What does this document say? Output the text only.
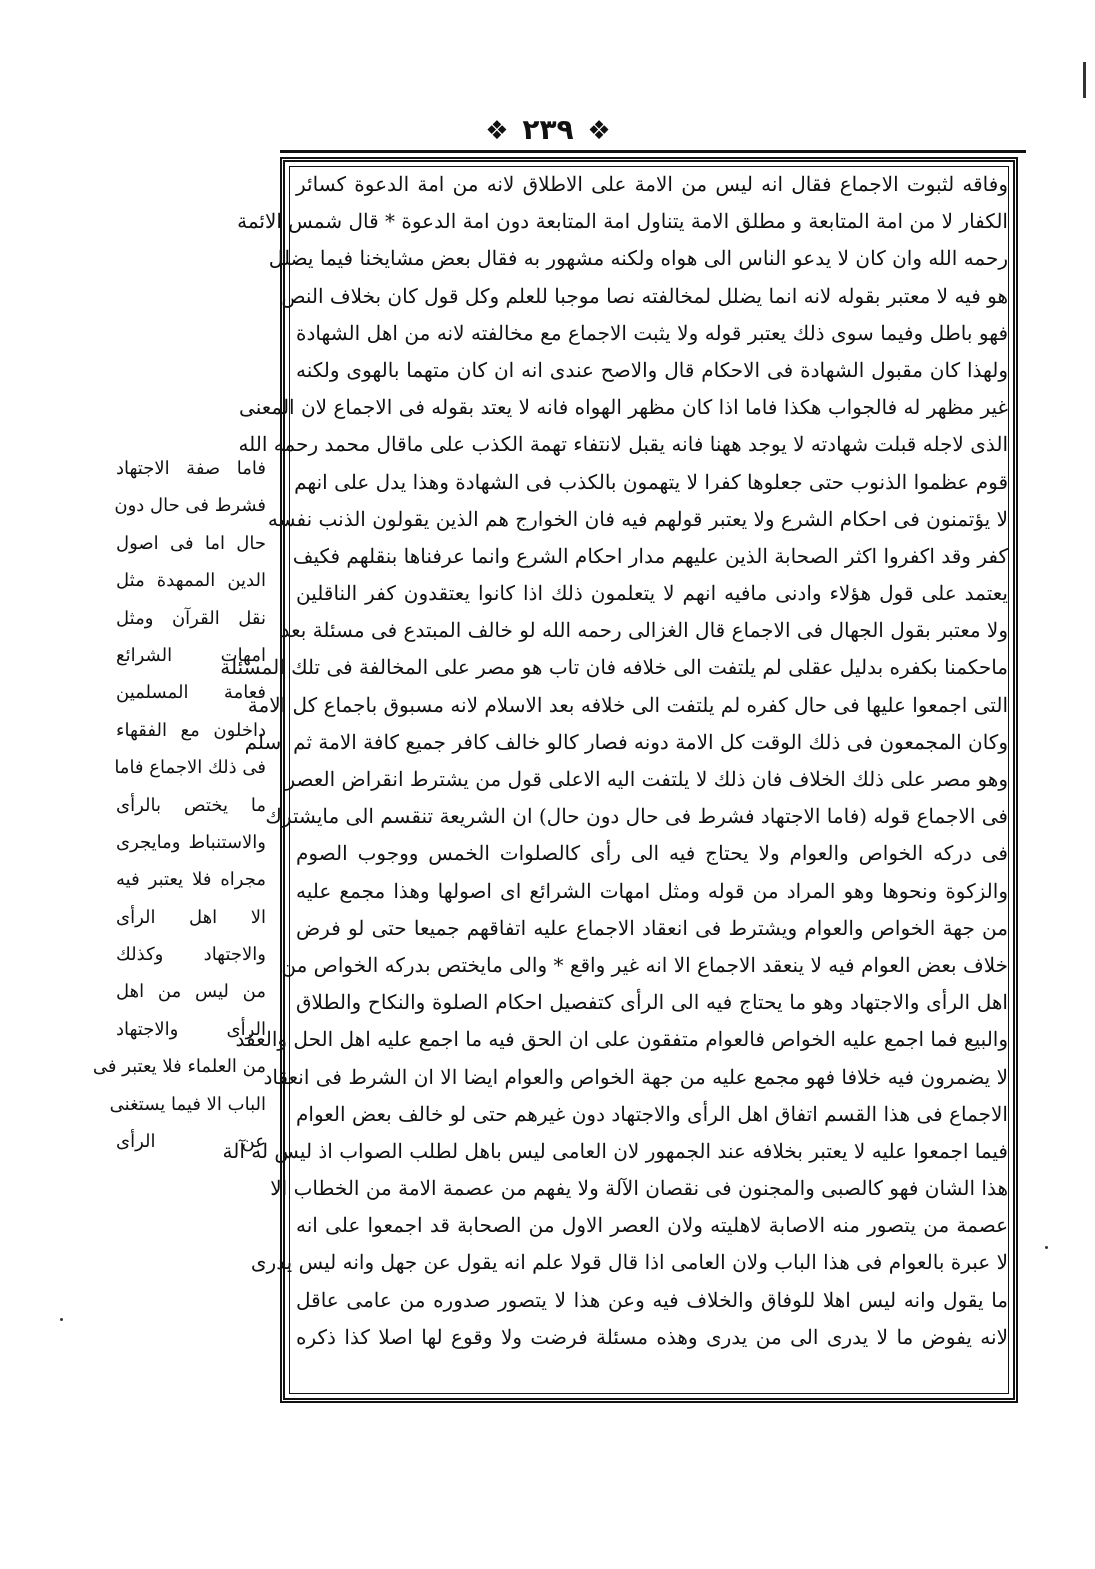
❖ ٢٣٩ ❖
وفاقه لثبوت الاجماع فقال انه ليس من الامة على الاطلاق لانه من امة الدعوة كسائر
الكفار لا من امة المتابعة و مطلق الامة يتناول امة المتابعة دون امة الدعوة * قال شمس الائمة
رحمه الله وان كان لا يدعو الناس الى هواه ولكنه مشهور به فقال بعض مشايخنا فيما يضلل
هو فيه لا معتبر بقوله لانه انما يضلل لمخالفته نصا موجبا للعلم وكل قول كان بخلاف النص
فهو باطل وفيما سوى ذلك يعتبر قوله ولا يثبت الاجماع مع مخالفته لانه من اهل الشهادة
ولهذا كان مقبول الشهادة فى الاحكام قال والاصح عندى انه ان كان متهما بالهوى ولكنه
غير مظهر له فالجواب هكذا فاما اذا كان مظهر الهواه فانه لا يعتد بقوله فى الاجماع لان المعنى
الذى لاجله قبلت شهادته لا يوجد ههنا فانه يقبل لانتفاء تهمة الكذب على ماقال محمد رحمه الله
قوم عظموا الذنوب حتى جعلوها كفرا لا يتهمون بالكذب فى الشهادة وهذا يدل على انهم
لا يؤتمنون فى احكام الشرع ولا يعتبر قولهم فيه فان الخوارج هم الذين يقولون الذنب نفسه
كفر وقد اكفروا اكثر الصحابة الذين عليهم مدار احكام الشرع وانما عرفناها بنقلهم فكيف
يعتمد على قول هؤلاء وادنى مافيه انهم لا يتعلمون ذلك اذا كانوا يعتقدون كفر الناقلين
ولا معتبر بقول الجهال فى الاجماع قال الغزالى رحمه الله لو خالف المبتدع فى مسئلة بعد
ماحكمنا بكفره بدليل عقلى لم يلتفت الى خلافه فان تاب هو مصر على المخالفة فى تلك المسئلة
التى اجمعوا عليها فى حال كفره لم يلتفت الى خلافه بعد الاسلام لانه مسبوق باجماع كل الامة
وكان المجمعون فى ذلك الوقت كل الامة دونه فصار كالو خالف كافر جميع كافة الامة ثم اسلم
وهو مصر على ذلك الخلاف فان ذلك لا يلتفت اليه الاعلى قول من يشترط انقراض العصر
فى الاجماع قوله (فاما الاجتهاد فشرط فى حال دون حال) ان الشريعة تنقسم الى مايشترك
فى دركه الخواص والعوام ولا يحتاج فيه الى رأى كالصلوات الخمس ووجوب الصوم
والزكوة ونحوها وهو المراد من قوله ومثل امهات الشرائع اى اصولها وهذا مجمع عليه
من جهة الخواص والعوام ويشترط فى انعقاد الاجماع عليه اتفاقهم جميعا حتى لو فرض
خلاف بعض العوام فيه لا ينعقد الاجماع الا انه غير واقع * والى مايختص بدركه الخواص من
اهل الرأى والاجتهاد وهو ما يحتاج فيه الى الرأى كتفصيل احكام الصلوة والنكاح والطلاق
والبيع فما اجمع عليه الخواص فالعوام متفقون على ان الحق فيه ما اجمع عليه اهل الحل والعقد
لا يضمرون فيه خلافا فهو مجمع عليه من جهة الخواص والعوام ايضا الا ان الشرط فى انعقاد
الاجماع فى هذا القسم اتفاق اهل الرأى والاجتهاد دون غيرهم حتى لو خالف بعض العوام
فيما اجمعوا عليه لا يعتبر بخلافه عند الجمهور لان العامى ليس باهل لطلب الصواب اذ ليس له آلة
هذا الشان فهو كالصبى والمجنون فى نقصان الآلة ولا يفهم من عصمة الامة من الخطاب الا
عصمة من يتصور منه الاصابة لاهليته ولان العصر الاول من الصحابة قد اجمعوا على انه
لا عبرة بالعوام فى هذا الباب ولان العامى اذا قال قولا علم انه يقول عن جهل وانه ليس يدرى
ما يقول وانه ليس اهلا للوفاق والخلاف فيه وعن هذا لا يتصور صدوره من عامى عاقل
لانه يفوض ما لا يدرى الى من يدرى وهذه مسئلة فرضت ولا وقوع لها اصلا كذا ذكره
فاما صفة الاجتهاد
فشرط فى حال دون
حال اما فى اصول
الدين الممهدة مثل
نقل القرآن ومثل
امهات الشرائع
فعامة المسلمين
داخلون مع الفقهاء
فى ذلك الاجماع فاما
ما يختص بالرأى
والاستنباط ومايجرى
مجراه فلا يعتبر فيه
الا اهل الرأى
والاجتهاد وكذلك
من ليس من اهل
الرأى والاجتهاد
من العلماء فلا يعتبر فى
الباب الا فيما يستغنى
عن الرأى
